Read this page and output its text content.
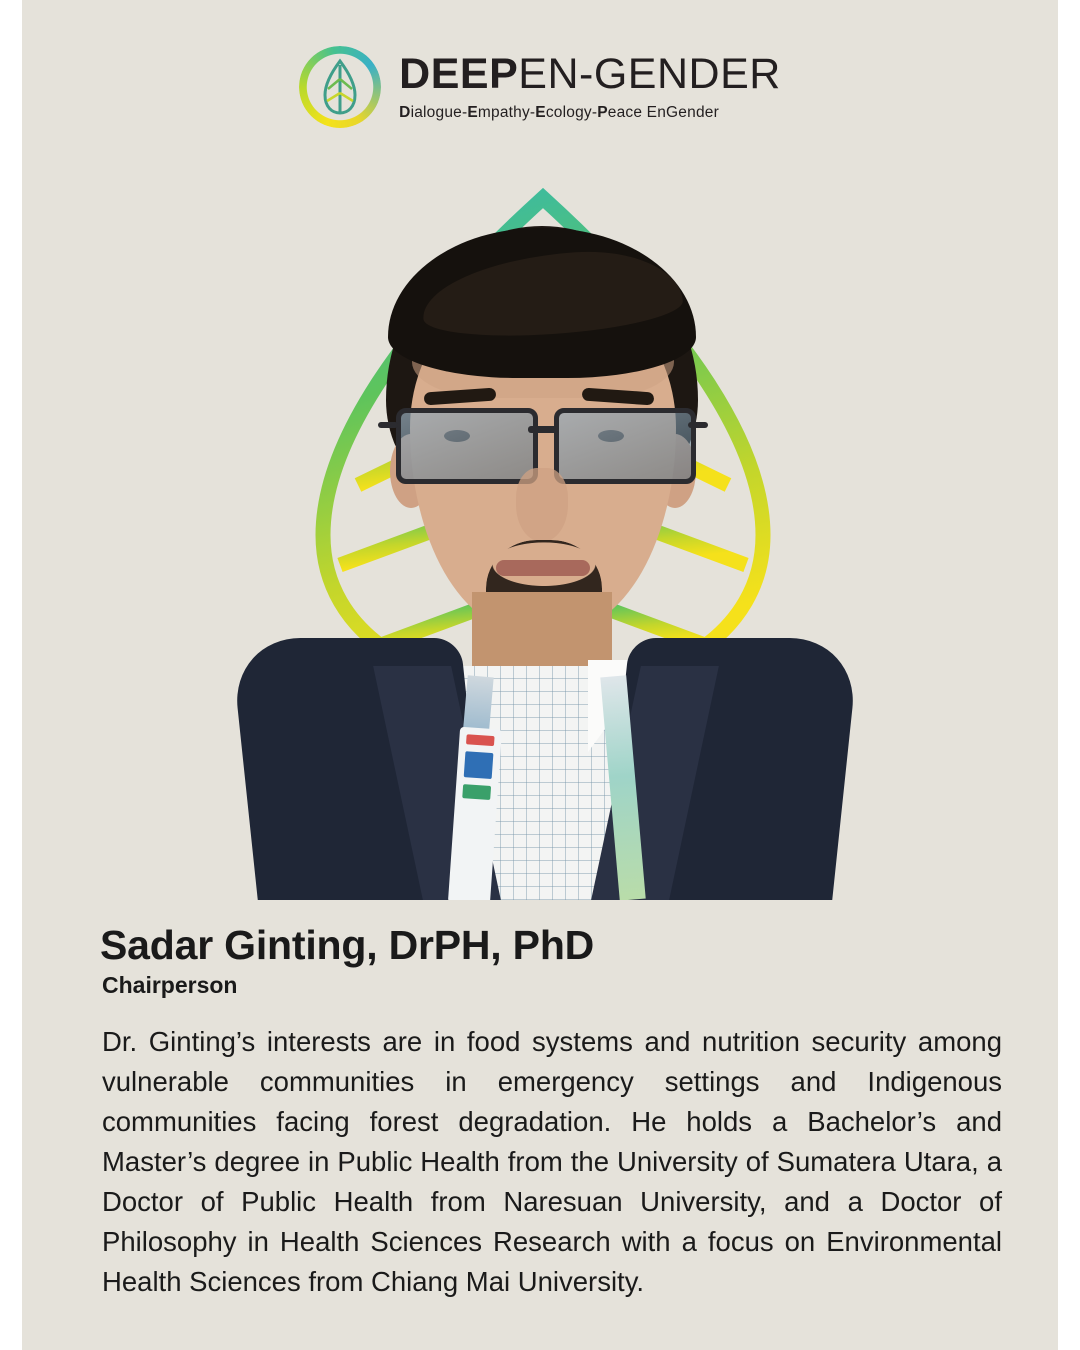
DEEPEN-GENDER
Dialogue-Empathy-Ecology-Peace EnGender
Sadar Ginting, DrPH, PhD
Chairperson
Dr. Ginting’s interests are in food systems and nutrition security among vulnerable communities in emergency settings and Indigenous communities facing forest degradation. He holds a Bachelor’s and Master’s degree in Public Health from the University of Sumatera Utara, a Doctor of Public Health from Naresuan University, and a Doctor of Philosophy in Health Sciences Research with a focus on Environmental Health Sciences from Chiang Mai University.
